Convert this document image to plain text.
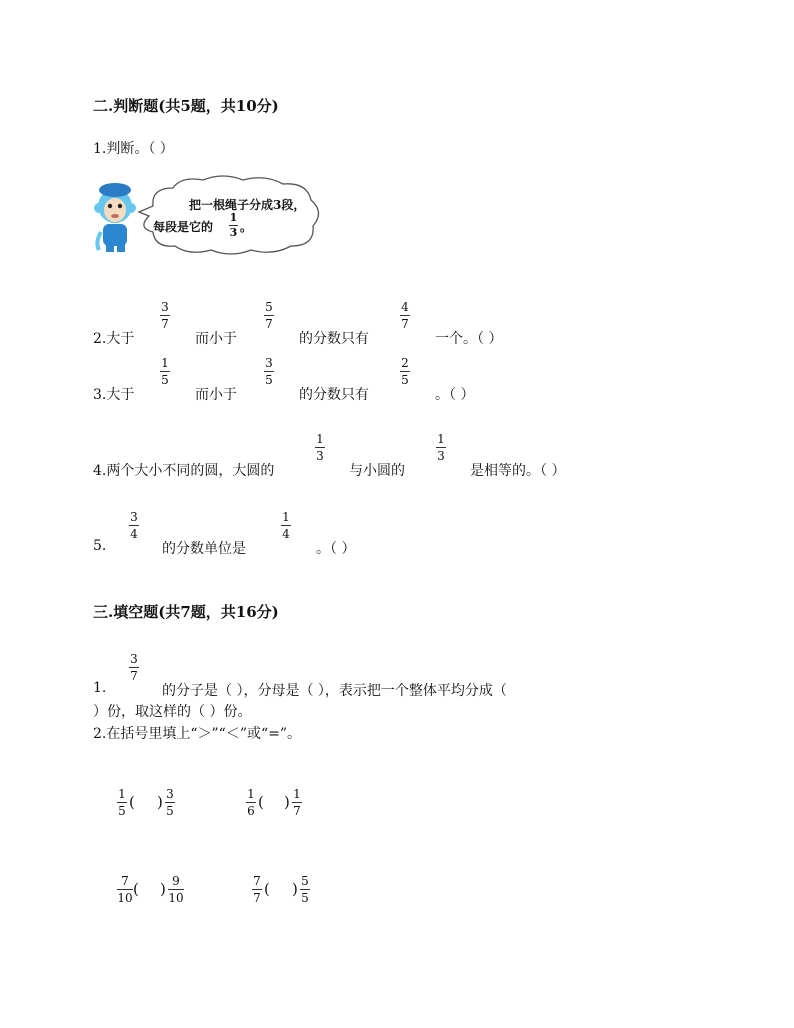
二.判断题(共5题，共10分)
1.判断。（ ）
把一根绳子分成3段，
每段是它的
1
3 。
2.大于
3
7
而小于
5
7
的分数只有
4
7
一个。（ ）
3.大于
1
5
而小于
3
5
的分数只有
2
5
。（ ）
4.两个大小不同的圆，大圆的
1
3
与小圆的
1
3
是相等的。（ ）
5.
3
4
的分数单位是
1
4
。（ ）
三.填空题(共7题，共16分)
1.
3
7
的分子是（ ），分母是（ ），表示把一个整体平均分成（
）份，取这样的（ ）份。
2.在括号里填上“＞”“＜”或“=”。
1
5 ( ) 3
5
1
6 ( ) 1
7
7
10 ( ) 9
10
7
7 ( ) 5
5
